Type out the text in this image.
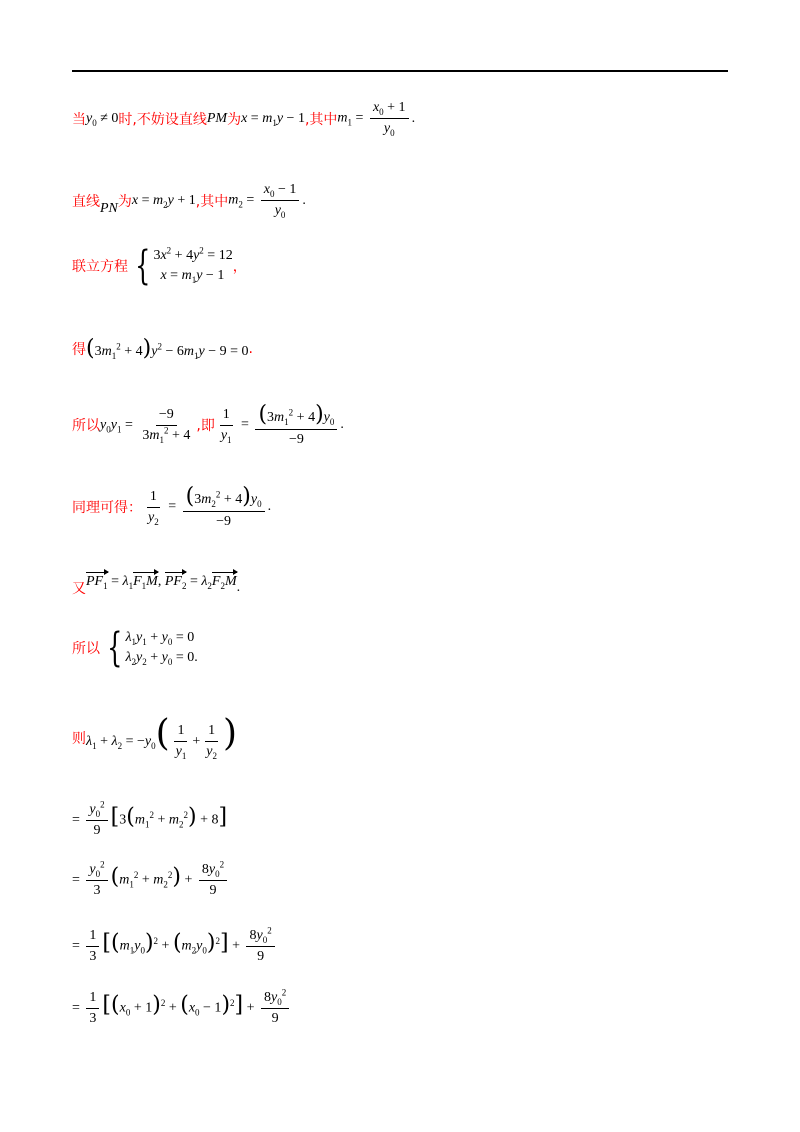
当 $y_0 \ne 0$ 时,不妨设直线 PM 为 $x = m_1y - 1$ ,其中 $m_1 = \frac{x_0 + 1}{y_0}$ .
直线 PN 为 $x = m_2y + 1$ ,其中 $m_2 = \frac{x_0 - 1}{y_0}$ .
联立方程 { $3x^2 + 4y^2 = 12$
$x = m_1y - 1$
，
得 $(3m_1^2 + 4)y^2 - 6m_1y - 9 = 0$ .
所以 $y_0y_1 = \frac{-9}{3m_1^2 + 4}$ ,即 $\frac{1}{y_1} = \frac{(3m_1^2 + 4)y_0}{-9}$ .
同理可得： $\frac{1}{y_2} = \frac{(3m_2^2 + 4)y_0}{-9}$ .
又 $PF_1 = \lambda_1F_1M$, $PF_2 = \lambda_2F_2M$ .
所以 { $\lambda_1y_1 + y_0 = 0$
$\lambda_2y_2 + y_0 = 0$ .
则 $\lambda_1 + \lambda_2 = -y_0( \frac{1}{y_1} + \frac{1}{y_2}$ )
= $\frac{y_0^2}{9} [3(m_1^2 + m_2^2) + 8]$
= $\frac{y_0^2}{3} (m_1^2 + m_2^2) + \frac{8y_0^2}{9}$
= $\frac{1}{3} [(m_1y_0)^2 + (m_2y_0)^2] + \frac{8y_0^2}{9}$
= $\frac{1}{3} [(x_0 + 1)^2 + (x_0 - 1)^2] + \frac{8y_0^2}{9}$
